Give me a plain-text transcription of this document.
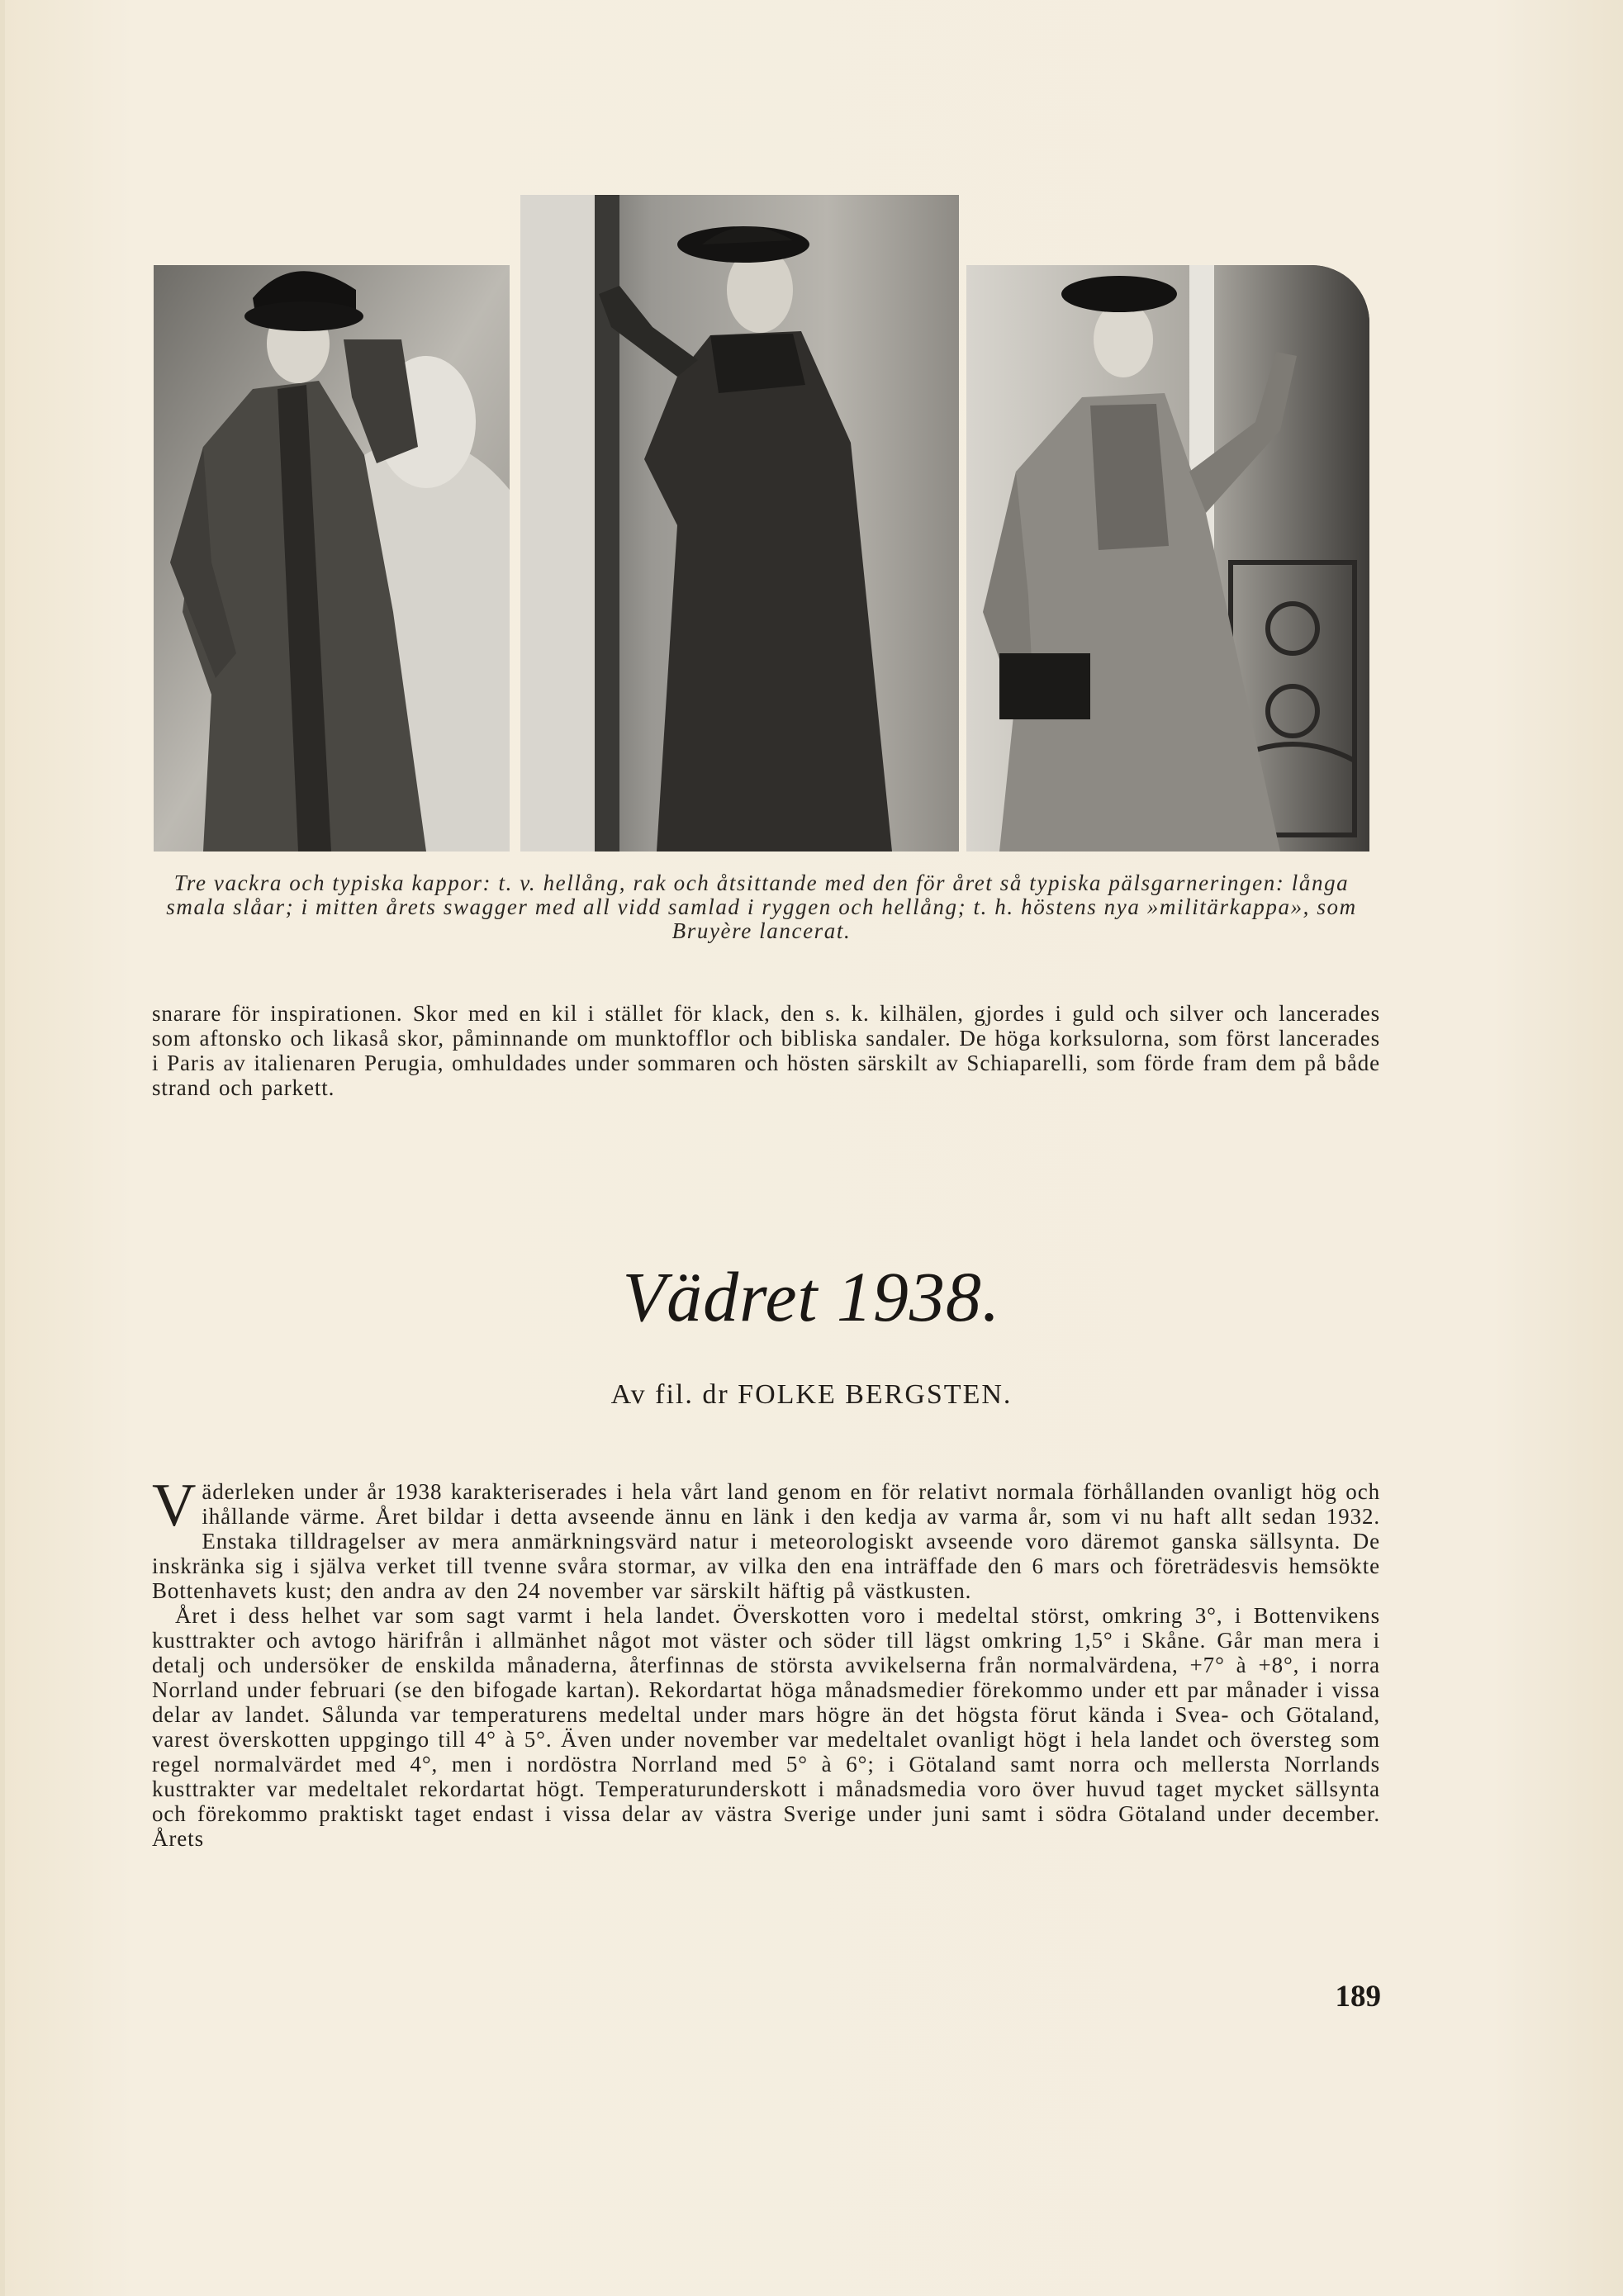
Tre vackra och typiska kappor: t. v. hellång, rak och åtsittande med den för året så typiska pälsgarneringen: långa smala slåar; i mitten årets swagger med all vidd samlad i ryggen och hellång; t. h. höstens nya »militärkappa», som Bruyère lancerat.
snarare för inspirationen. Skor med en kil i stället för klack, den s. k. kilhälen, gjordes i guld och silver och lancerades som aftonsko och likaså skor, påminnande om munktofflor och bibliska sandaler. De höga korksulorna, som först lancerades i Paris av italienaren Perugia, omhuldades under sommaren och hösten särskilt av Schiaparelli, som förde fram dem på både strand och parkett.
Vädret 1938.
Av fil. dr FOLKE BERGSTEN.
Väderleken under år 1938 karakteriserades i hela vårt land genom en för relativt normala förhållanden ovanligt hög och ihållande värme. Året bildar i detta avseende ännu en länk i den kedja av varma år, som vi nu haft allt sedan 1932. Enstaka tilldragelser av mera anmärkningsvärd natur i meteorologiskt avseende voro däremot ganska sällsynta. De inskränka sig i själva verket till tvenne svåra stormar, av vilka den ena inträffade den 6 mars och företrädesvis hemsökte Bottenhavets kust; den andra av den 24 november var särskilt häftig på västkusten.
Året i dess helhet var som sagt varmt i hela landet. Överskotten voro i medeltal störst, omkring 3°, i Bottenvikens kusttrakter och avtogo härifrån i allmänhet något mot väster och söder till lägst omkring 1,5° i Skåne. Går man mera i detalj och undersöker de enskilda månaderna, återfinnas de största avvikelserna från normalvärdena, +7° à +8°, i norra Norrland under februari (se den bifogade kartan). Rekordartat höga månadsmedier förekommo under ett par månader i vissa delar av landet. Sålunda var temperaturens medeltal under mars högre än det högsta förut kända i Svea- och Götaland, varest överskotten uppgingo till 4° à 5°. Även under november var medeltalet ovanligt högt i hela landet och översteg som regel normalvärdet med 4°, men i nordöstra Norrland med 5° à 6°; i Götaland samt norra och mellersta Norrlands kusttrakter var medeltalet rekordartat högt. Temperaturunderskott i månadsmedia voro över huvud taget mycket sällsynta och förekommo praktiskt taget endast i vissa delar av västra Sverige under juni samt i södra Götaland under december. Årets
189
